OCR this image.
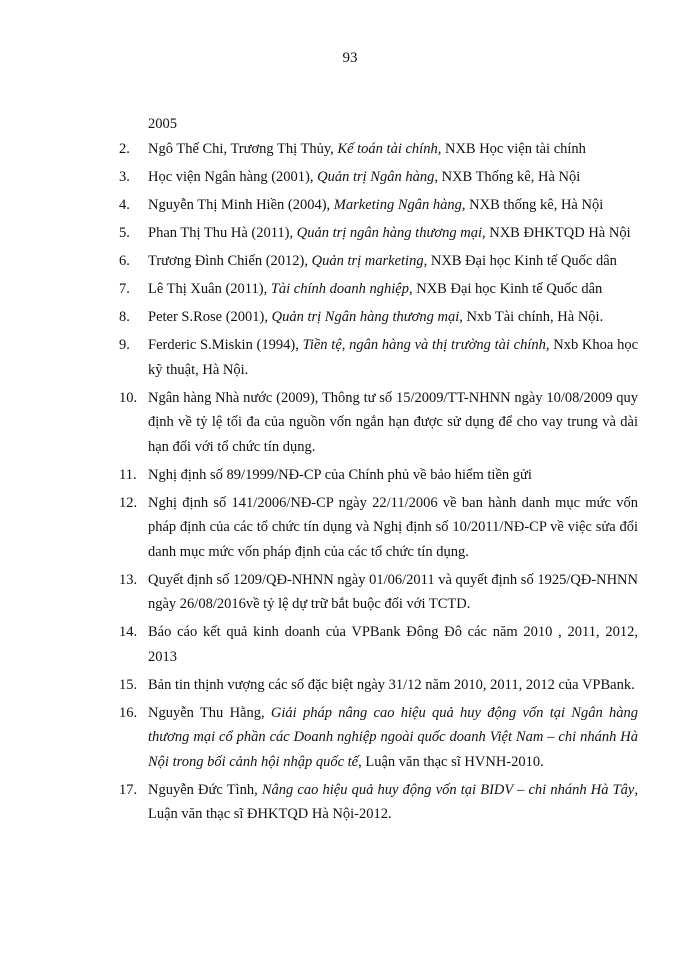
93
2005
2. Ngô Thế Chi, Trương Thị Thủy, Kế toán tài chính, NXB Học viện tài chính
3. Học viện Ngân hàng (2001), Quản trị Ngân hàng, NXB Thống kê, Hà Nội
4. Nguyễn Thị Minh Hiền (2004), Marketing Ngân hàng, NXB thống kê, Hà Nội
5. Phan Thị Thu Hà (2011), Quản trị ngân hàng thương mại, NXB ĐHKTQD Hà Nội
6. Trương Đình Chiến (2012), Quản trị marketing, NXB Đại học Kinh tế Quốc dân
7. Lê Thị Xuân (2011), Tài chính doanh nghiệp, NXB Đại học Kinh tế Quốc dân
8. Peter S.Rose (2001), Quản trị Ngân hàng thương mại, Nxb Tài chính, Hà Nội.
9. Ferderic S.Miskin (1994), Tiền tệ, ngân hàng và thị trường tài chính, Nxb Khoa học kỹ thuật, Hà Nội.
10. Ngân hàng Nhà nước (2009), Thông tư số 15/2009/TT-NHNN ngày 10/08/2009 quy định về tỷ lệ tối đa của nguồn vốn ngắn hạn được sử dụng để cho vay trung và dài hạn đối với tổ chức tín dụng.
11. Nghị định số 89/1999/NĐ-CP của Chính phủ về bảo hiểm tiền gửi
12. Nghị định số 141/2006/NĐ-CP ngày 22/11/2006 về ban hành danh mục mức vốn pháp định của các tổ chức tín dụng và Nghị định số 10/2011/NĐ-CP về việc sửa đổi danh mục mức vốn pháp định của các tổ chức tín dụng.
13. Quyết định số 1209/QĐ-NHNN ngày 01/06/2011 và quyết định số 1925/QĐ-NHNN ngày 26/08/2016về tỷ lệ dự trữ bắt buộc đối với TCTD.
14. Báo cáo kết quả kinh doanh của VPBank Đông Đô các năm 2010 , 2011, 2012, 2013
15. Bản tin thịnh vượng các số đặc biệt ngày 31/12 năm 2010, 2011, 2012 của VPBank.
16. Nguyễn Thu Hằng, Giải pháp nâng cao hiệu quả huy động vốn tại Ngân hàng thương mại cổ phần các Doanh nghiệp ngoài quốc doanh Việt Nam – chi nhánh Hà Nội trong bối cảnh hội nhập quốc tế, Luận văn thạc sĩ HVNH-2010.
17. Nguyễn Đức Tình, Nâng cao hiệu quả huy động vốn tại BIDV – chi nhánh Hà Tây, Luận văn thạc sĩ ĐHKTQD Hà Nội-2012.
